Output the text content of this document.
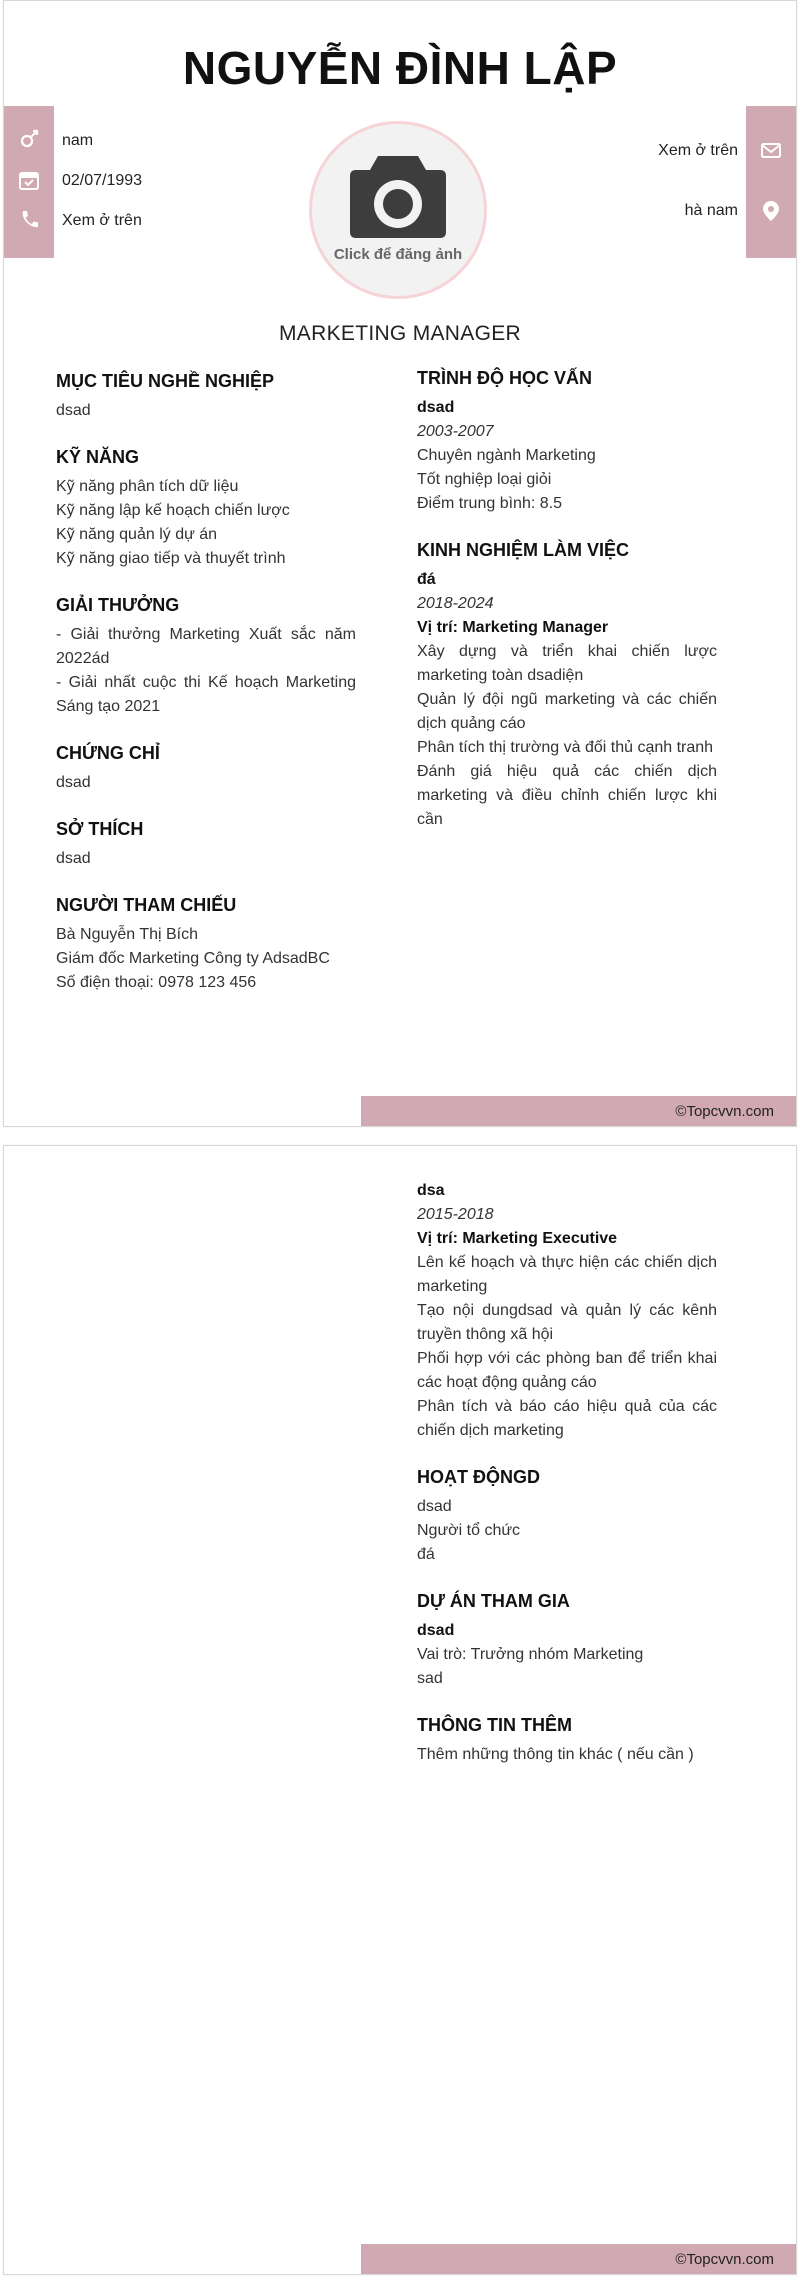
NGUYỄN ĐÌNH LẬP
nam
02/07/1993
Xem ở trên
Click để đăng ảnh
Xem ở trên
hà nam
MARKETING MANAGER
MỤC TIÊU NGHỀ NGHIỆP

dsad

KỸ NĂNG

Kỹ năng phân tích dữ liệu

Kỹ năng lập kế hoạch chiến lược

Kỹ năng quản lý dự án

Kỹ năng giao tiếp và thuyết trình

GIẢI THƯỞNG

- Giải thưởng Marketing Xuất sắc năm 2022ád

- Giải nhất cuộc thi Kế hoạch Marketing Sáng tạo 2021

CHỨNG CHỈ

dsad

SỞ THÍCH

dsad

NGƯỜI THAM CHIẾU

Bà Nguyễn Thị Bích

Giám đốc Marketing Công ty AdsadBC

Số điện thoại: 0978 123 456

TRÌNH ĐỘ HỌC VẤN

dsad

2003-2007

Chuyên ngành Marketing

Tốt nghiệp loại giỏi

Điểm trung bình: 8.5

KINH NGHIỆM LÀM VIỆC

đá

2018-2024

Vị trí: Marketing Manager

Xây dựng và triển khai chiến lược marketing toàn dsadiện

Quản lý đội ngũ marketing và các chiến dịch quảng cáo

Phân tích thị trường và đối thủ cạnh tranh

Đánh giá hiệu quả các chiến dịch marketing và điều chỉnh chiến lược khi cần

©Topcvvn.com

dsa

2015-2018

Vị trí: Marketing Executive

Lên kế hoạch và thực hiện các chiến dịch marketing

Tạo nội dungdsad và quản lý các kênh truyền thông xã hội

Phối hợp với các phòng ban để triển khai các hoạt động quảng cáo

Phân tích và báo cáo hiệu quả của các chiến dịch marketing

HOẠT ĐỘNGD

dsad

Người tổ chức

đá

DỰ ÁN THAM GIA

dsad

Vai trò: Trưởng nhóm Marketing

sad

THÔNG TIN THÊM

Thêm những thông tin khác ( nếu cần )

©Topcvvn.com
